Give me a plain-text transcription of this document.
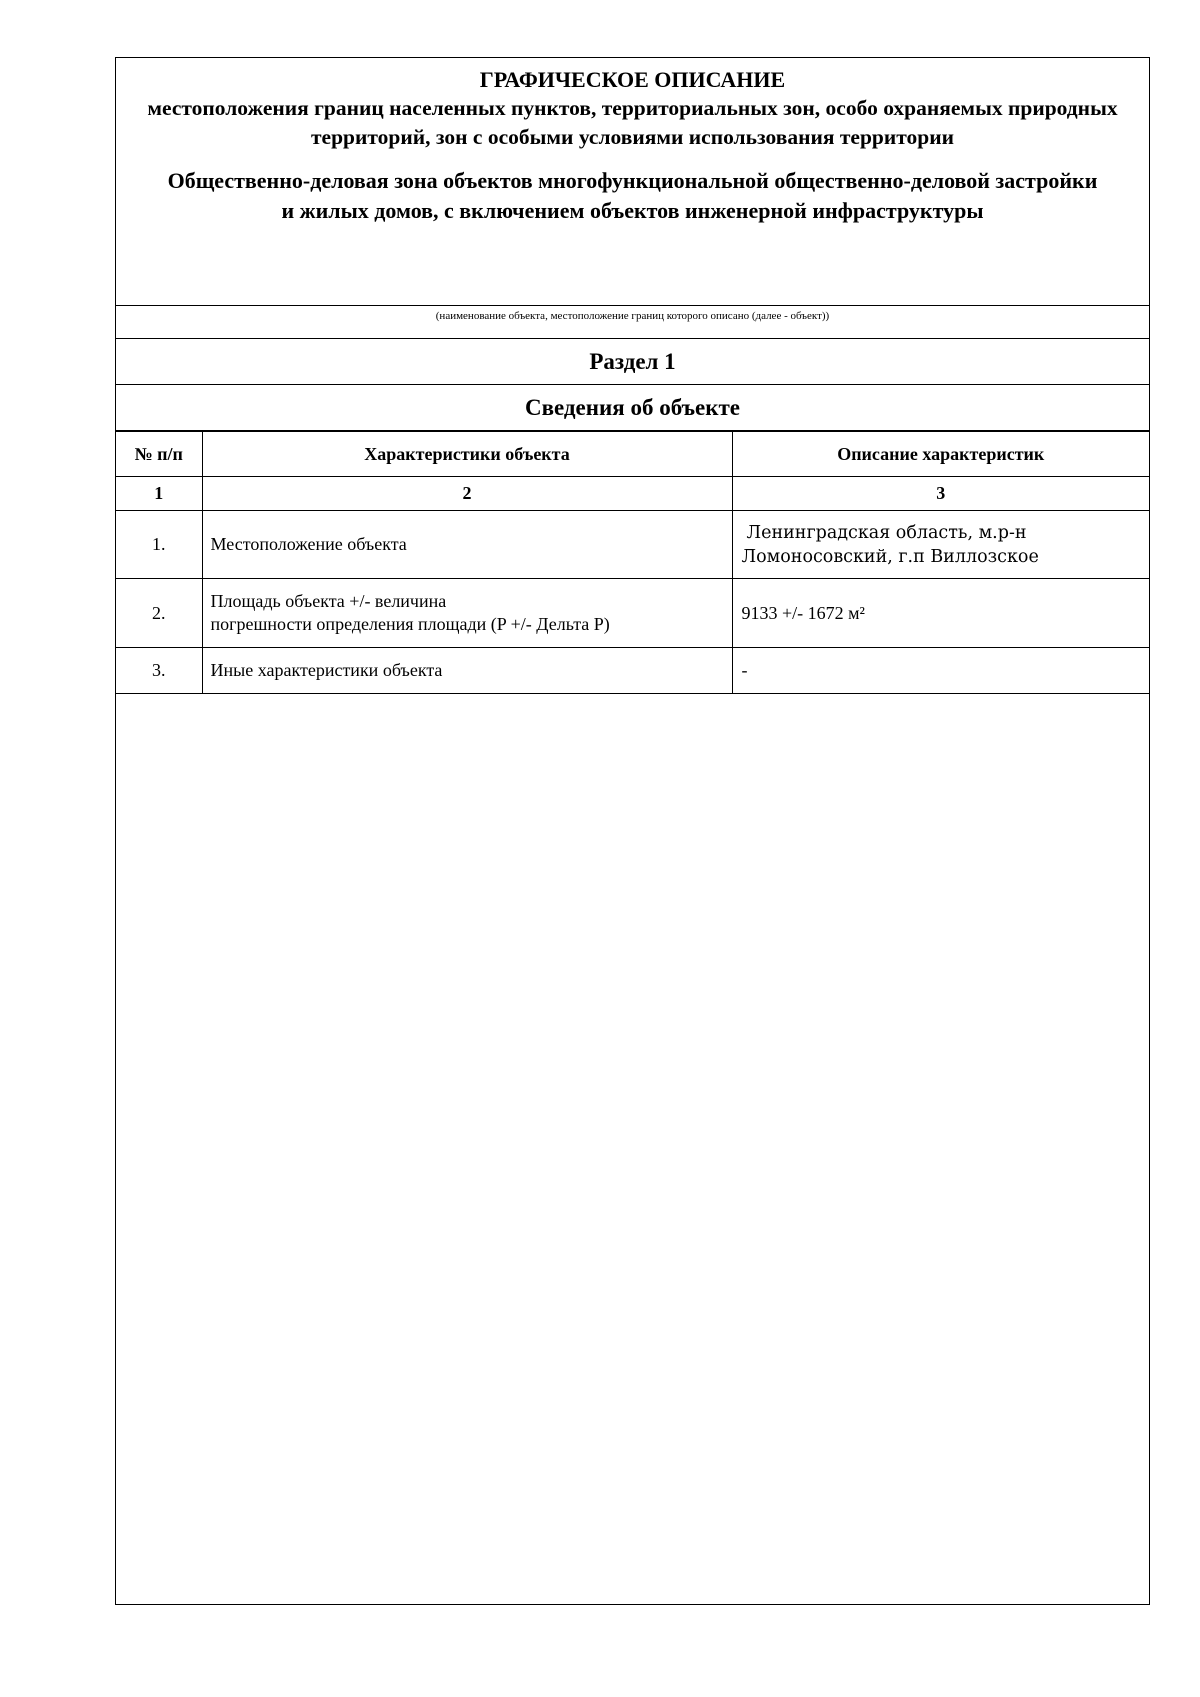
ГРАФИЧЕСКОЕ ОПИСАНИЕ

местоположения границ населенных пунктов, территориальных зон, особо охраняемых природных территорий, зон с особыми условиями использования территории

Общественно-деловая зона объектов многофункциональной общественно-деловой застройки и жилых домов, с включением объектов инженерной инфраструктуры

(наименование объекта, местоположение границ которого описано (далее - объект))
Раздел 1
Сведения об объекте
№ п/п	Характеристики объекта	Описание характеристик
1	2	3
1.	Местоположение объекта	Ленинградская область, м.р-н
Ломоносовский, г.п Виллозское

2.	Площадь объекта +/- величина
погрешности определения площади (P +/- Дельта P)	9133 +/- 1672 м²
3.	Иные характеристики объекта	-
